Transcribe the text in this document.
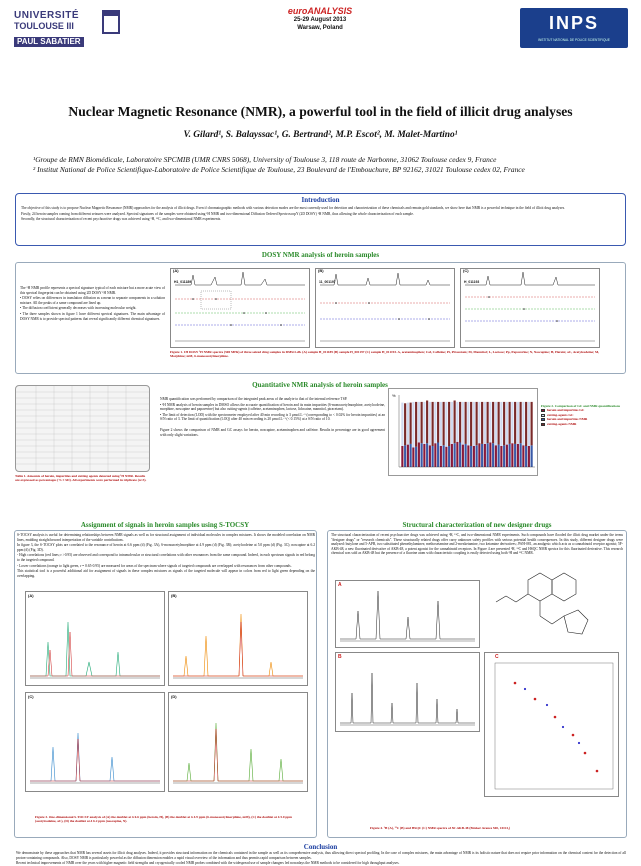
UNIVERSITÉ
TOULOUSE III
PAUL SABATIER
euroANALYSIS
25-29 August 2013
Warsaw, Poland	INPS
INSTITUT NATIONAL DE POLICE SCIENTIFIQUE
Nuclear Magnetic Resonance (NMR), a powerful tool in the field of illicit drug analyses
V. Gilard¹, S. Balayssac¹, G. Bertrand², M.P. Escot², M. Malet-Martino¹
¹Groupe de RMN Biomédicale, Laboratoire SPCMIB (UMR CNRS 5068), University of Toulouse 3, 118 route de Narbonne, 31062 Toulouse cedex 9, France
² Institut National de Police Scientifique-Laboratoire de Police Scientifique de Toulouse, 23 Boulevard de l'Embouchure, BP 92162, 31021 Toulouse cedex 02, France
Introduction

The objective of this study is to propose Nuclear Magnetic Resonance (NMR) approaches for the analysis of illicit drugs. Even if chromatographic methods with various detection modes are the most currently used for detection and characterization of these chemicals and remain gold standards, we show here that NMR is a powerful technique in the field of illicit drug analyses.

Firstly, 24 heroin samples coming from different seizures were analyzed. Spectral signatures of the samples were obtained using ¹H NMR and two-dimensional Diffusion Ordered SpectroscopY (2D DOSY) ¹H NMR, thus allowing the whole characterization of each sample.

Secondly, the structural characterization of recent psychoactive drugs was achieved using ¹H, ¹³C, and two-dimensional NMR experiments.

DOSY NMR analysis of heroin samples

The ¹H NMR profile represents a spectral signature typical of each mixture but a more acute view of this spectral fingerprint can be obtained using 2D DOSY ¹H NMR.

• DOSY relies on differences in translation diffusion as a mean to separate components in a solution mixture. All the peaks of a same compound are lined up.

• The diffusion coefficient generally decreases with increasing molecular weight.

• The three samples shown in figure 1 have different spectral signatures. The main advantage of DOSY NMR is to provide spectral patterns that reveal significantly different chemical signatures.

(A)
H1_011189
(B)
11_001197
(C)
H_011193
Figure 1. 1H DOSY ¹H NMR spectra (500 MHz) of three seized drug samples in DMSO-d6. (A) sample H_011189 (B) sample H_001197 (C) sample H_011193. A, acetaminophen; Caf, Caffeine; Pi, Piracetam; M, Mannitol; L, Lactose; Pp, Papaverine; N, Noscapine; H, Heroin; aC, Acetylcodeine; M, Morphine; mM, 6-monoacetylmorphine.
Quantitative NMR analysis of heroin samples
Table 1. Amounts of heroin, impurities and cutting agents detected using ¹H NMR. Results are expressed as percentages (% ± SD). All experiments were performed in triplicate (n=3).

NMR quantification was performed by comparison of the integrated peak areas of the analyte to that of the internal reference TSP.

• ¹H NMR analysis of heroin samples in DMSO allows the accurate quantification of heroin and its main impurities (6-monoacetylmorphine, acetylcodeine, morphine, noscapine and papaverine) but also cutting-agents (caffeine, acetaminophen, lactose, lidocaine, mannitol, piracetam).

• The limit of detection (LOD) with the spectrometer employed after 40 min recording is 3 µmol.L⁻¹ (corresponding to < 0.02% for heroin impurities) at an S/N ratio of 3. The limit of quantification (LOQ) after 40 min recording is 20 µmol.L⁻¹ (< 0.15%) at a S/N ratio of 10.

Figure 2 shows the comparison of NMR and GC assays for heroin, noscapine, acetaminophen and caffeine. Results in percentage are in good agreement with only slight variations.

%
Figure 2. Comparison of GC and NMR quantifications
heroin and impurities GC
cutting-agents GC
heroin and impurities NMR
cutting-agents NMR
Assignment of signals in heroin samples using S-TOCSY

S-TOCSY analysis is useful for determining relationships between NMR signals as well as for structural assignment of individual molecules in complex mixtures. It shows the modeled correlation on NMR lines, enabling straightforward interpretation of the variable contributions.

In figure 3, the S-TOCSY plots are correlated to the resonance of heroin at 6.6 ppm (d) (Fig. 3A), 6-monoacetylmorphine at 4.9 ppm (d) (Fig. 3B); acetylcodeine at 5.0 ppm (d) (Fig. 3C); noscapine at 6.2 ppm (d) (Fig. 3D).

- High correlations (red lines; r >0.95) are observed and correspond to intramolecular or structural correlations with other resonances from the same compound. Indeed, in each spectrum signals in red belong to the targeted compound.

- Lower correlations (orange to light green, r = 0.65-0.95) are measured for areas of the spectrum where signals of targeted compounds are overlapped with resonances from other compounds.

This statistical tool is a powerful additional aid for assignment of signals in these complex mixtures as signals of the targeted molecule will appear in colors from red to light green depending on the overlapping.

(A)	(B)
(C)	(D)
Figure 3. One-dimensional S-TOCSY analysis of (A) the doublet at δ 6.6 ppm (heroin, H), (B) the doublet at δ 4.9 ppm (6-monoacetylmorphine, mM), (C) the doublet at δ 5.0 ppm (acetylcodeine, aC), (D) the doublet at δ 6.2 ppm (noscapine, N).
Structural characterization of new designer drugs

The structural characterization of recent psychoactive drugs was achieved using ¹H, ¹³C, and two-dimensional NMR experiments. Such compounds have flooded the illicit drug market under the terms "designer drugs" or "research chemicals". These structurally related drugs offer carry unknown safety profiles with serious potential health consequences. In this study, different designer drugs were analyzed: butylone and 5-APB, two substituted phenethylamines; methoxetamine and 2-mexketamine, two ketamine derivatives; JWH-081, an analgesic which acts as a cannabinoid receptor agonist; 5F-AKB-48, a new fluorinated derivative of AKB-48, a potent agonist for the cannabinoid receptors. In Figure 4 are presented ¹H, ¹³C and HSQC NMR spectra for this fluorinated derivative. This research chemical was sold as AKB-48 but the presence of a fluorine atom with characteristic coupling is easily detected using both ¹H and ¹³C NMR.

A
B	C
Figure 4. ¹H (A), ¹³C (B) and HSQC (C) NMR spectra of 5F-AKB-48 (Bruker Avance 500, CDCl₃)
Conclusion

We demonstrate by these approaches that NMR has several assets for illicit drug analyses. Indeed, it provides structural information on the chemicals contained in the sample as well as its comprehensive analysis, thus allowing direct spectral profiling. In the case of complex mixtures, the main advantage of NMR is its holistic nature that does not require prior information on the chemical content for the detection of all proton-containing compounds. Also, DOSY NMR is particularly powerful as the diffusion dimension enables a rapid visual overview of the information and thus permits rapid comparison between samples.

Recent technical improvements of NMR over the years with higher magnetic field strengths and cryogenically cooled NMR probes combined with the widespread use of sample changers led nowadays the NMR methods to be considered for high throughput analyses.
